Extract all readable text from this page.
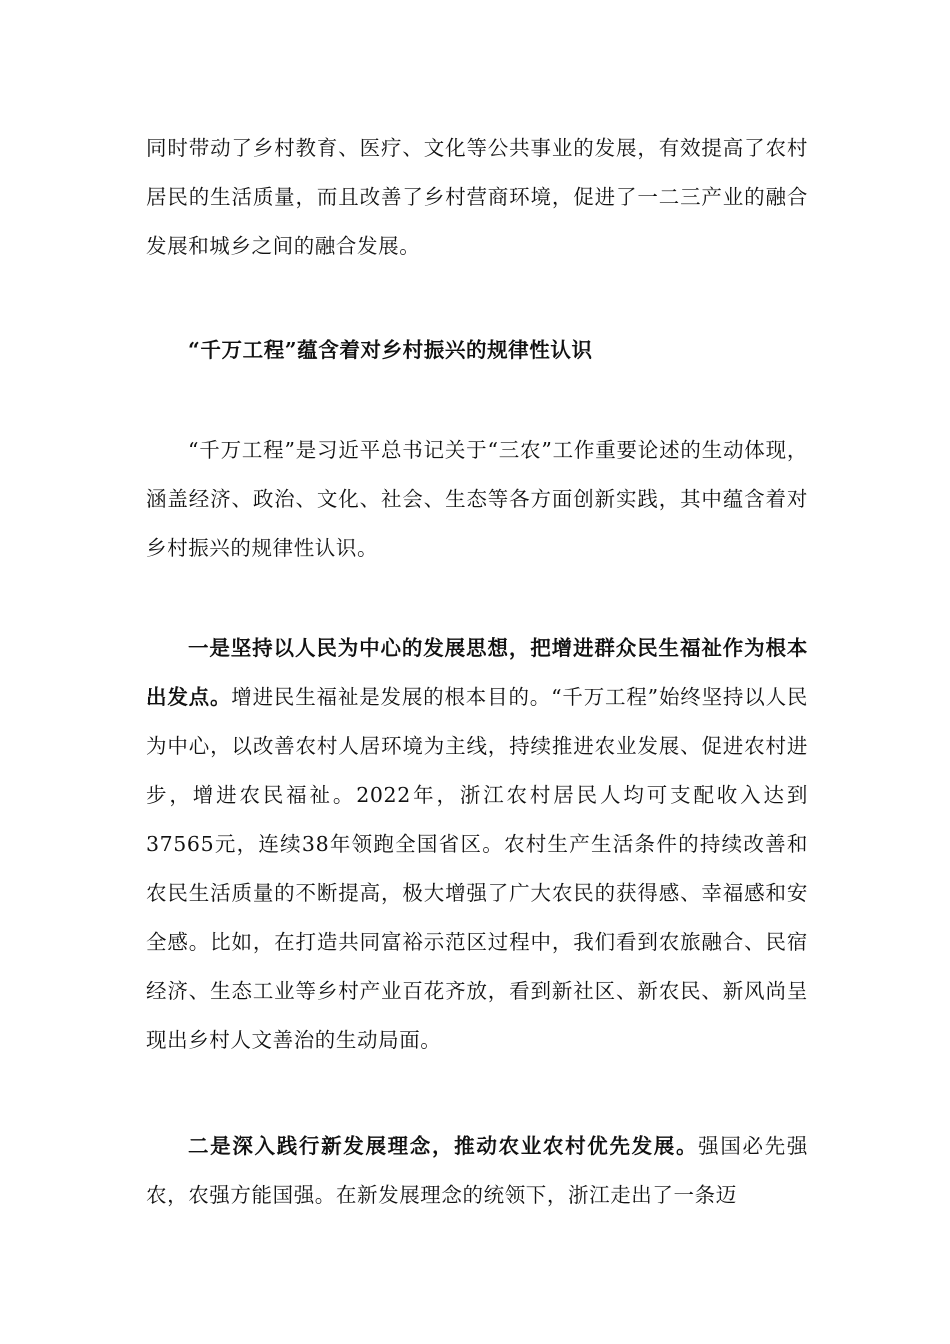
同时带动了乡村教育、医疗、文化等公共事业的发展，有效提高了农村居民的生活质量，而且改善了乡村营商环境，促进了一二三产业的融合发展和城乡之间的融合发展。

“千万工程”蕴含着对乡村振兴的规律性认识

“千万工程”是习近平总书记关于“三农”工作重要论述的生动体现，涵盖经济、政治、文化、社会、生态等各方面创新实践，其中蕴含着对乡村振兴的规律性认识。

一是坚持以人民为中心的发展思想，把增进群众民生福祉作为根本出发点。增进民生福祉是发展的根本目的。“千万工程”始终坚持以人民为中心，以改善农村人居环境为主线，持续推进农业发展、促进农村进步，增进农民福祉。2022年，浙江农村居民人均可支配收入达到37565元，连续38年领跑全国省区。农村生产生活条件的持续改善和农民生活质量的不断提高，极大增强了广大农民的获得感、幸福感和安全感。比如，在打造共同富裕示范区过程中，我们看到农旅融合、民宿经济、生态工业等乡村产业百花齐放，看到新社区、新农民、新风尚呈现出乡村人文善治的生动局面。

二是深入践行新发展理念，推动农业农村优先发展。强国必先强农，农强方能国强。在新发展理念的统领下，浙江走出了一条迈
